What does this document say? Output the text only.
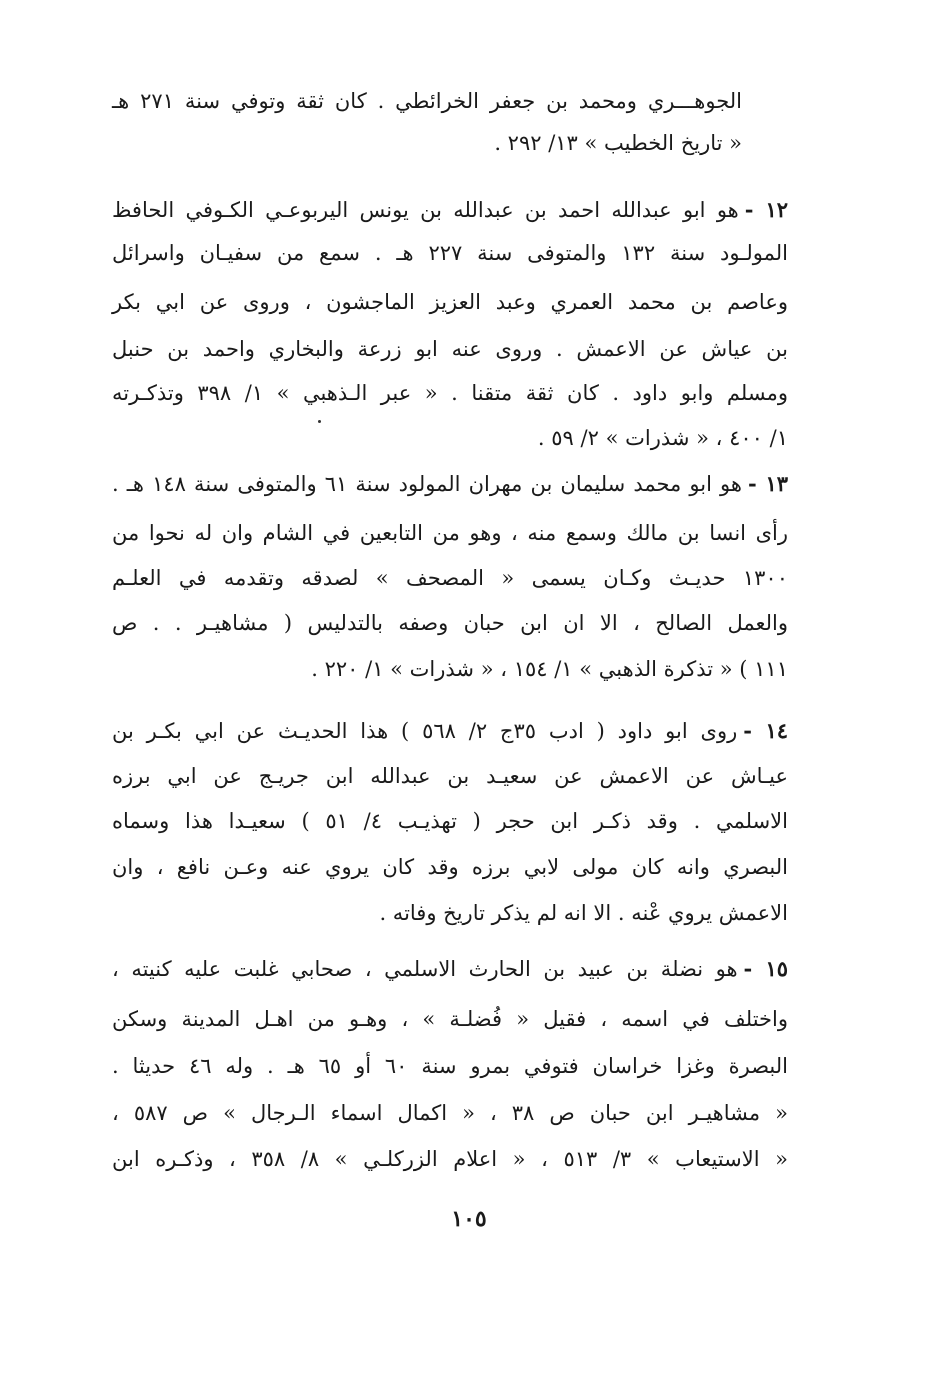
الجوهـــري ومحمد بن جعفر الخرائطي . كان ثقة وتوفي سنة ٢٧١ هـ
« تاريخ الخطيب » ١٣/ ٢٩٢ .
١٢ -هو ابو عبدالله احمد بن عبدالله بن يونس اليربوعـي الكـوفي الحافظ
المولـود سنة ١٣٢ والمتوفى سنة ٢٢٧ هـ . سمع من سفيـان واسرائل
وعاصم بن محمد العمري وعبد العزيز الماجشون ، وروى عن ابي بكر
بن عياش عن الاعمش . وروى عنه ابو زرعة والبخاري واحمد بن حنبل
ومسلم وابو داود . كان ثقة متقنا . « عبر الـذهبي » ١/ ٣٩٨ وتذكـرته
١/ ٤٠٠ ، « شذرات » ٢/ ٥٩ .
١٣ -هو ابو محمد سليمان بن مهران المولود سنة ٦١ والمتوفى سنة ١٤٨ هـ .
رأى انسا بن مالك وسمع منه ، وهو من التابعين في الشام وان له نحوا من
١٣٠٠ حديـث وكـان يسمى « المصحف » لصدقه وتقدمه في العلـم
والعمل الصالح ، الا ان ابن حبان وصفه بالتدليس ( مشاهيـر . . ص
١١١ ) « تذكرة الذهبي » ١/ ١٥٤ ، « شذرات » ١/ ٢٢٠ .
١٤ -روى ابو داود ( ادب ٣٥ج ٢/ ٥٦٨ ) هذا الحديـث عن ابي بكـر بن
عيـاش عن الاعمش عن سعيـد بن عبدالله ابن جريـج عن ابي برزه
الاسلمي . وقد ذكـر ابن حجر ( تهذيـب ٤/ ٥١ ) سعيـدا هذا وسماه
البصري وانه كان مولى لابي برزه وقد كان يروي عنه وعـن نافع ، وان
الاعمش يروي عْنه . الا انه لم يذكر تاريخ وفاته .
١٥ -هو نضلة بن عبيد بن الحارث الاسلمي ، صحابي غلبت عليه كنيته ،
واختلف في اسمه ، فقيل « فُضلـة » ، وهـو من اهـل المدينة وسكن
البصرة وغزا خراسان فتوفي بمرو سنة ٦٠ أو ٦٥ هـ . وله ٤٦ حديثا .
« مشاهيـر ابن حبان ص ٣٨ ، « اكمال اسماء الـرجال » ص ٥٨٧ ،
« الاستيعاب » ٣/ ٥١٣ ، « اعلام الزركلـي » ٨/ ٣٥٨ ، وذكـره ابن
١٠٥
